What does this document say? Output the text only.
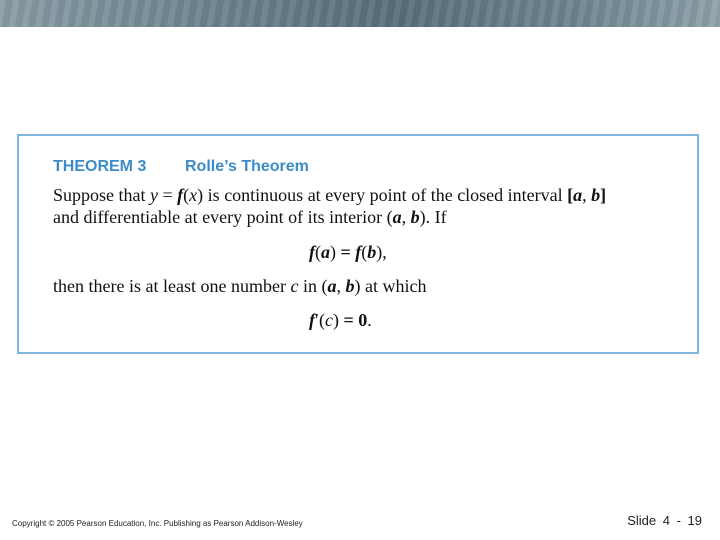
THEOREM 3 Rolle’s Theorem
Suppose that y = f(x) is continuous at every point of the closed interval [a, b]
and differentiable at every point of its interior (a, b). If
f(a) = f(b),
then there is at least one number c in (a, b) at which
f′(c) = 0.
Copyright © 2005 Pearson Education, Inc. Publishing as Pearson Addison-Wesley	Slide 4 - 19
